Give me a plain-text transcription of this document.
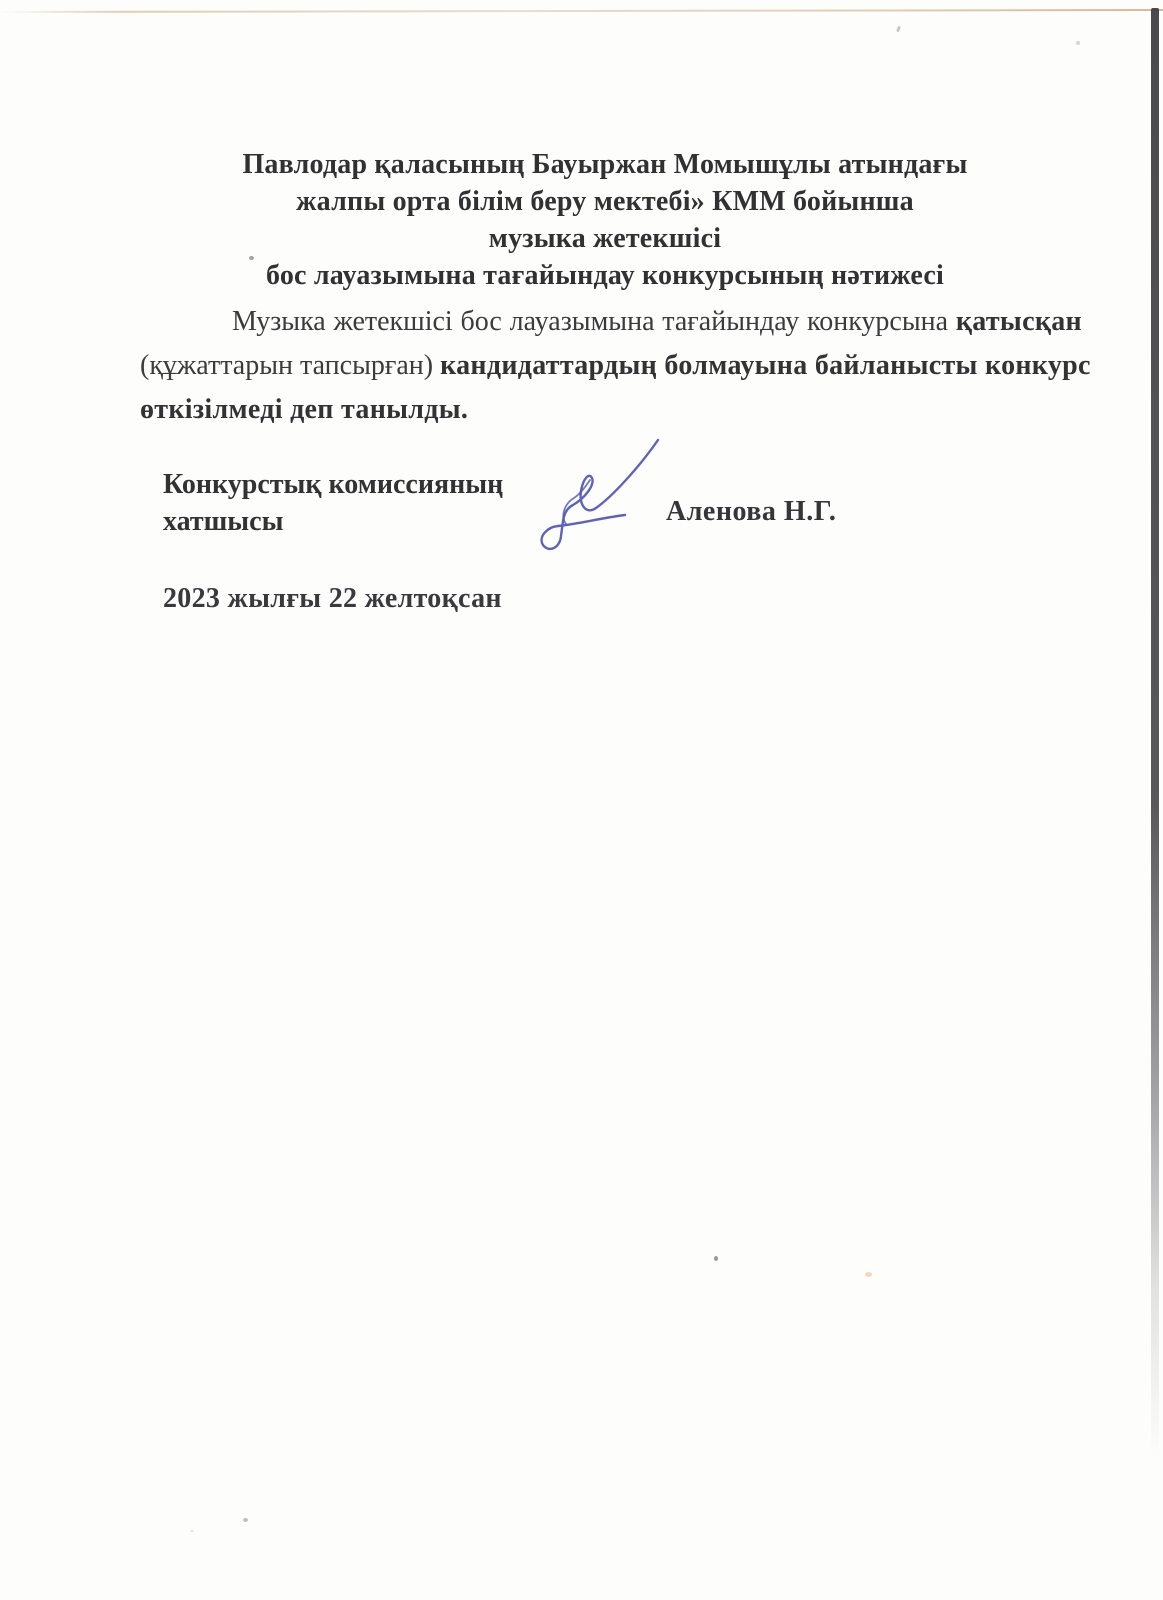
Павлодар қаласының Бауыржан Момышұлы атындағы
жалпы орта білім беру мектебі» КММ бойынша
музыка жетекшісі
бос лауазымына тағайындау конкурсының нәтижесі
Музыка жетекшісі бос лауазымына тағайындау конкурсына қатысқан
(құжаттарын тапсырған) кандидаттардың болмауына байланысты конкурс
өткізілмеді деп танылды.
Конкурстық комиссияның
хатшысы	Аленова Н.Г.
2023 жылғы 22 желтоқсан
